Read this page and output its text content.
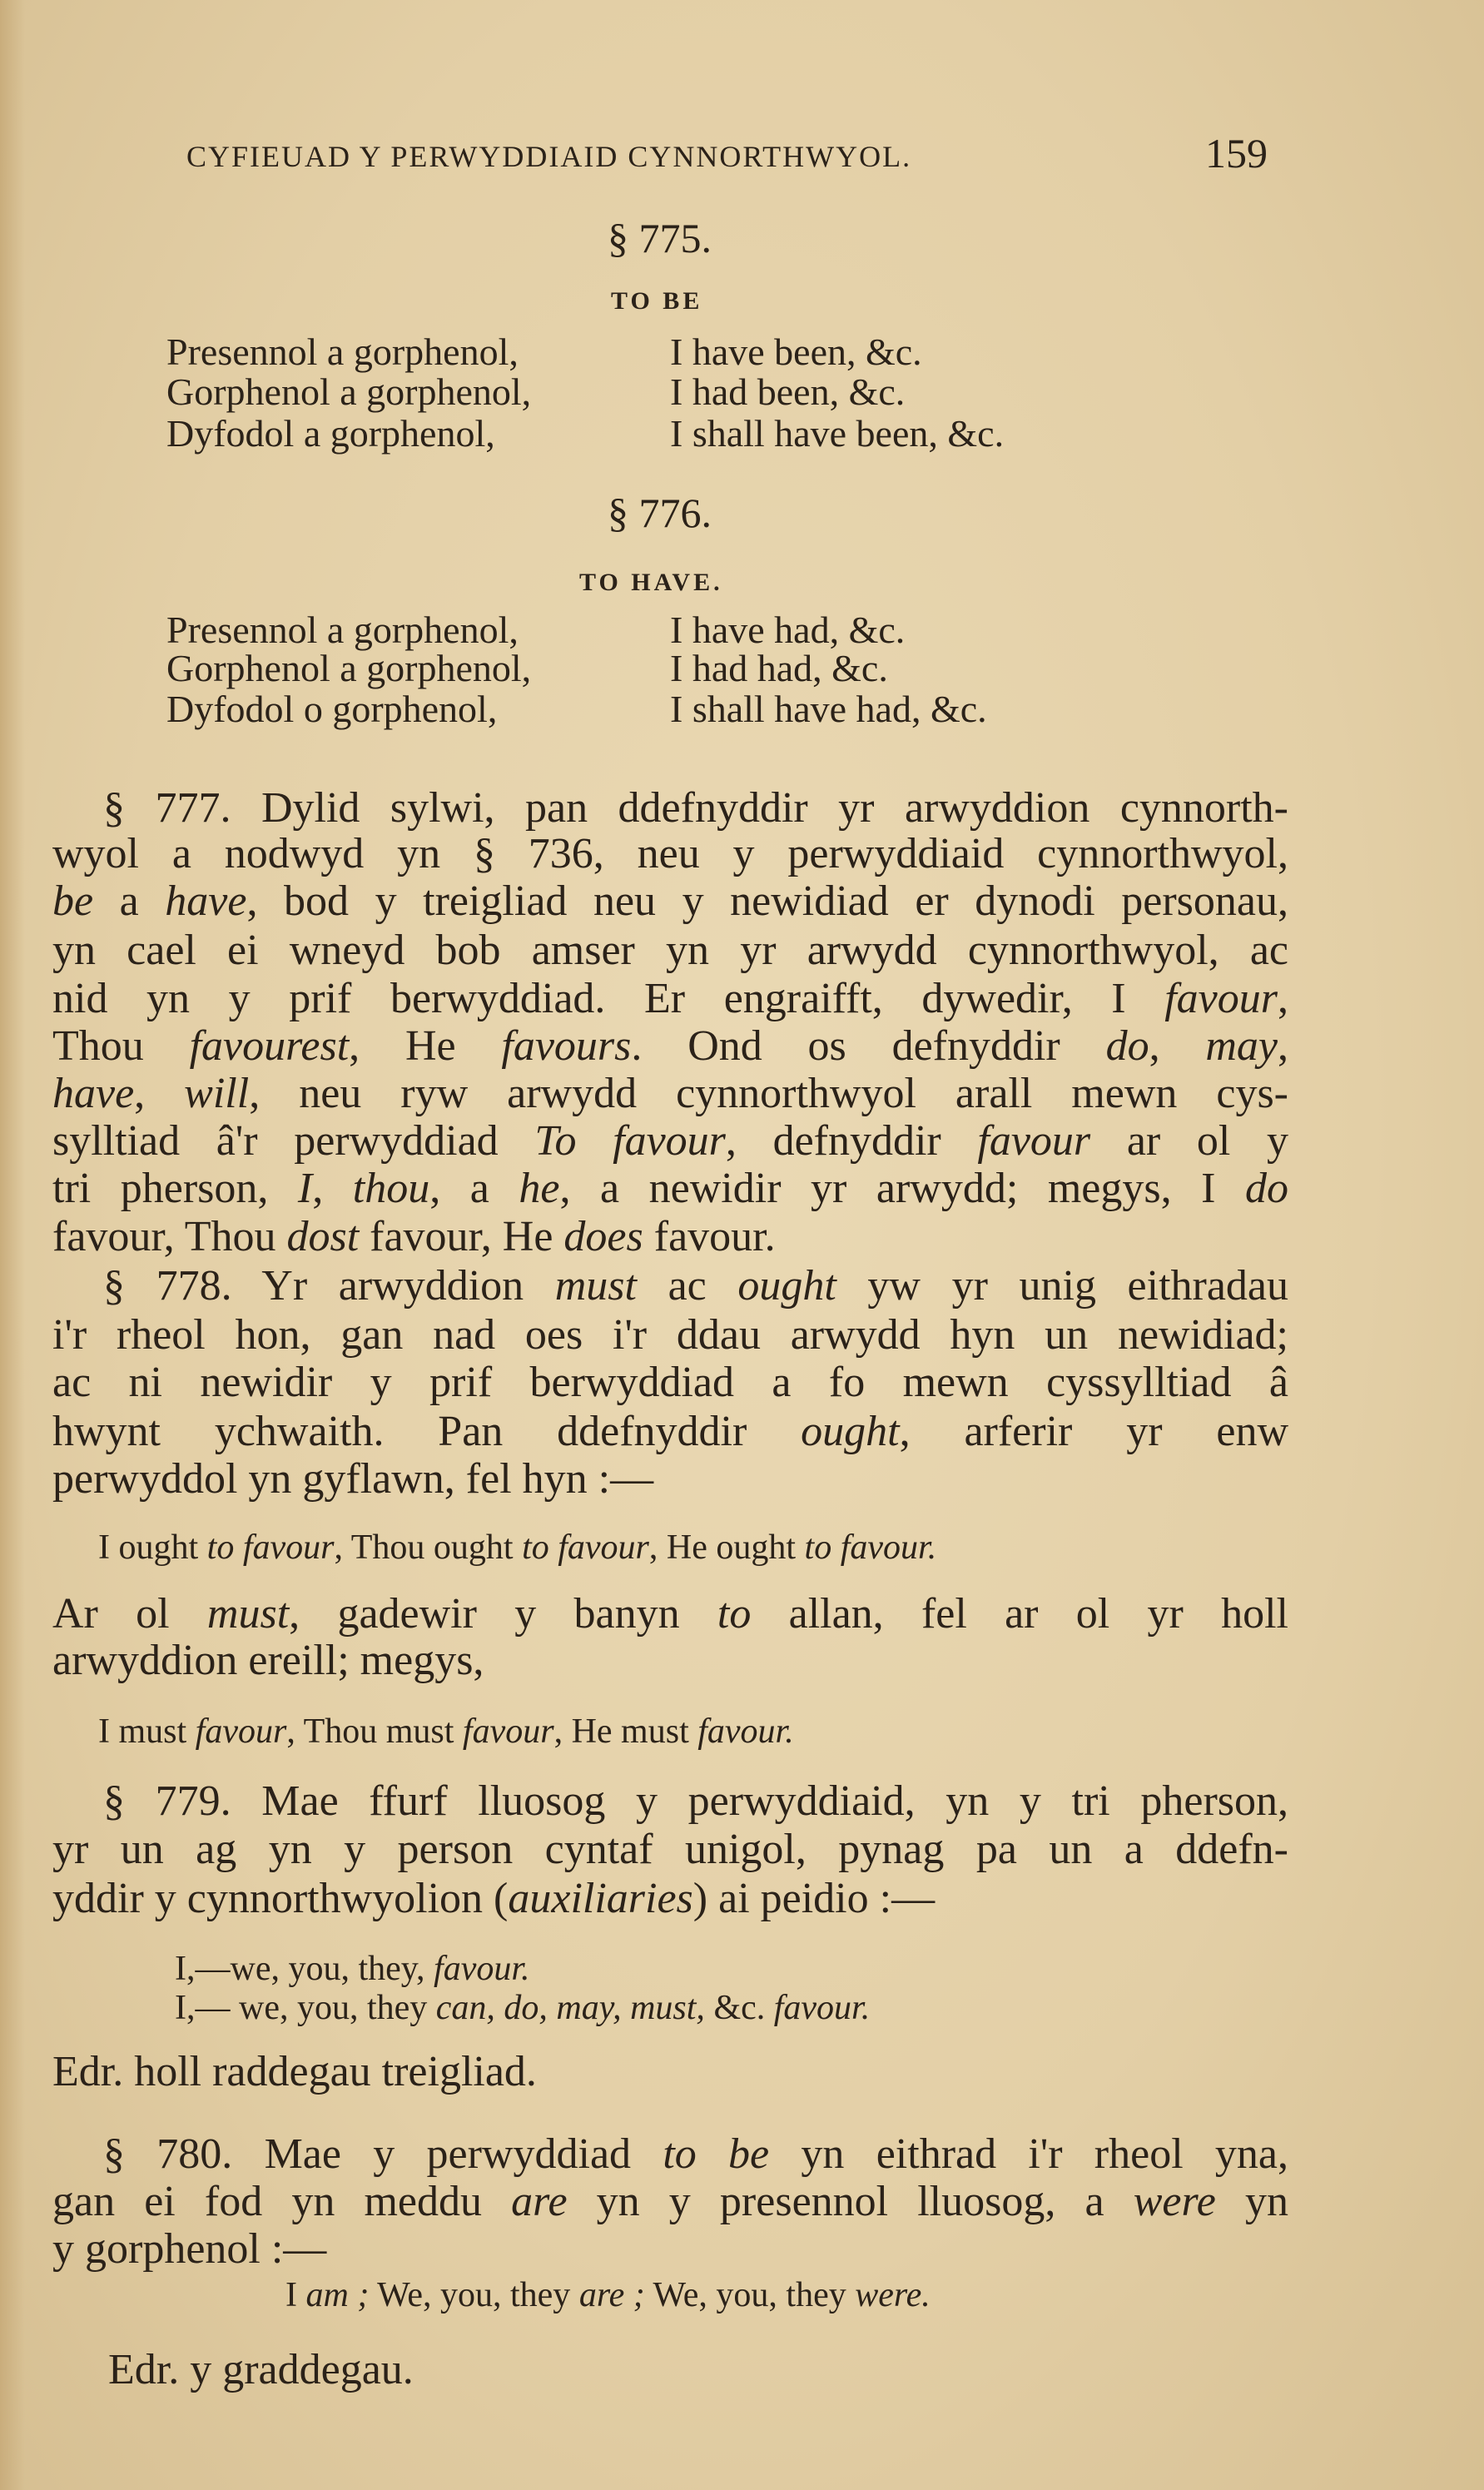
CYFIEUAD Y PERWYDDIAID CYNNORTHWYOL.	159
§ 775.
TO BE
Presennol a gorphenol,	I have been, &c.
Gorphenol a gorphenol,	I had been, &c.
Dyfodol a gorphenol,	I shall have been, &c.
§ 776.
TO HAVE.
Presennol a gorphenol,	I have had, &c.
Gorphenol a gorphenol,	I had had, &c.
Dyfodol o gorphenol,	I shall have had, &c.
§ 777. Dylid sylwi, pan ddefnyddir yr arwyddion cynnorth-
wyol a nodwyd yn § 736, neu y perwyddiaid cynnorthwyol,
be a have, bod y treigliad neu y newidiad er dynodi personau,
yn cael ei wneyd bob amser yn yr arwydd cynnorthwyol, ac
nid yn y prif berwyddiad. Er engraifft, dywedir, I favour,
Thou favourest, He favours. Ond os defnyddir do, may,
have, will, neu ryw arwydd cynnorthwyol arall mewn cys-
sylltiad â'r perwyddiad To favour, defnyddir favour ar ol y
tri pherson, I, thou, a he, a newidir yr arwydd; megys, I do
favour, Thou dost favour, He does favour.
§ 778. Yr arwyddion must ac ought yw yr unig eithradau
i'r rheol hon, gan nad oes i'r ddau arwydd hyn un newidiad;
ac ni newidir y prif berwyddiad a fo mewn cyssylltiad â
hwynt ychwaith. Pan ddefnyddir ought, arferir yr enw
perwyddol yn gyflawn, fel hyn :—
I ought to favour, Thou ought to favour, He ought to favour.
Ar ol must, gadewir y banyn to allan, fel ar ol yr holl
arwyddion ereill; megys,
I must favour, Thou must favour, He must favour.
§ 779. Mae ffurf lluosog y perwyddiaid, yn y tri pherson,
yr un ag yn y person cyntaf unigol, pynag pa un a ddefn-
yddir y cynnorthwyolion (auxiliaries) ai peidio :—
I,—we, you, they, favour.
I,— we, you, they can, do, may, must, &c. favour.
Edr. holl raddegau treigliad.
§ 780. Mae y perwyddiad to be yn eithrad i'r rheol yna,
gan ei fod yn meddu are yn y presennol lluosog, a were yn
y gorphenol :—
I am ; We, you, they are ; We, you, they were.
Edr. y graddegau.
